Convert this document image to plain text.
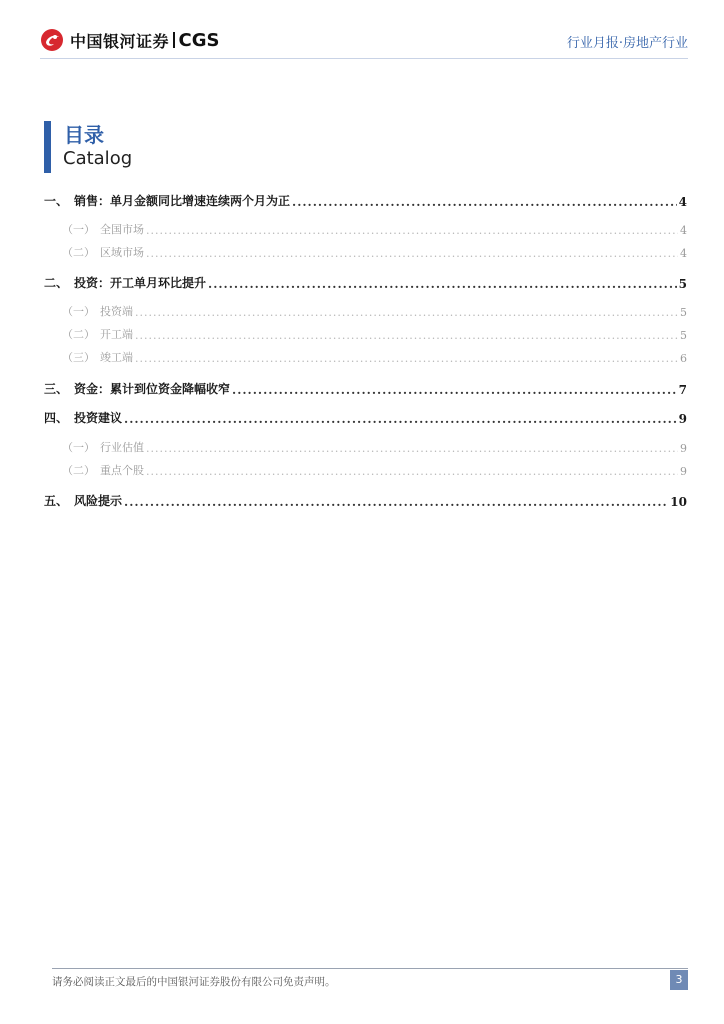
中国银河证券 CGS	行业月报·房地产行业
目录
Catalog
一、 销售：单月金额同比增速连续两个月为正 .....	4
（一） 全国市场 .....	4
（二） 区域市场 .....	4
二、 投资：开工单月环比提升 .....	5
（一） 投资端 .....	5
（二） 开工端 .....	5
（三） 竣工端 .....	6
三、 资金：累计到位资金降幅收窄 .....	7
四、 投资建议 .....	9
（一） 行业估值 .....	9
（二） 重点个股 .....	9
五、 风险提示 .....	10
请务必阅读正文最后的中国银河证券股份有限公司免责声明。	3
